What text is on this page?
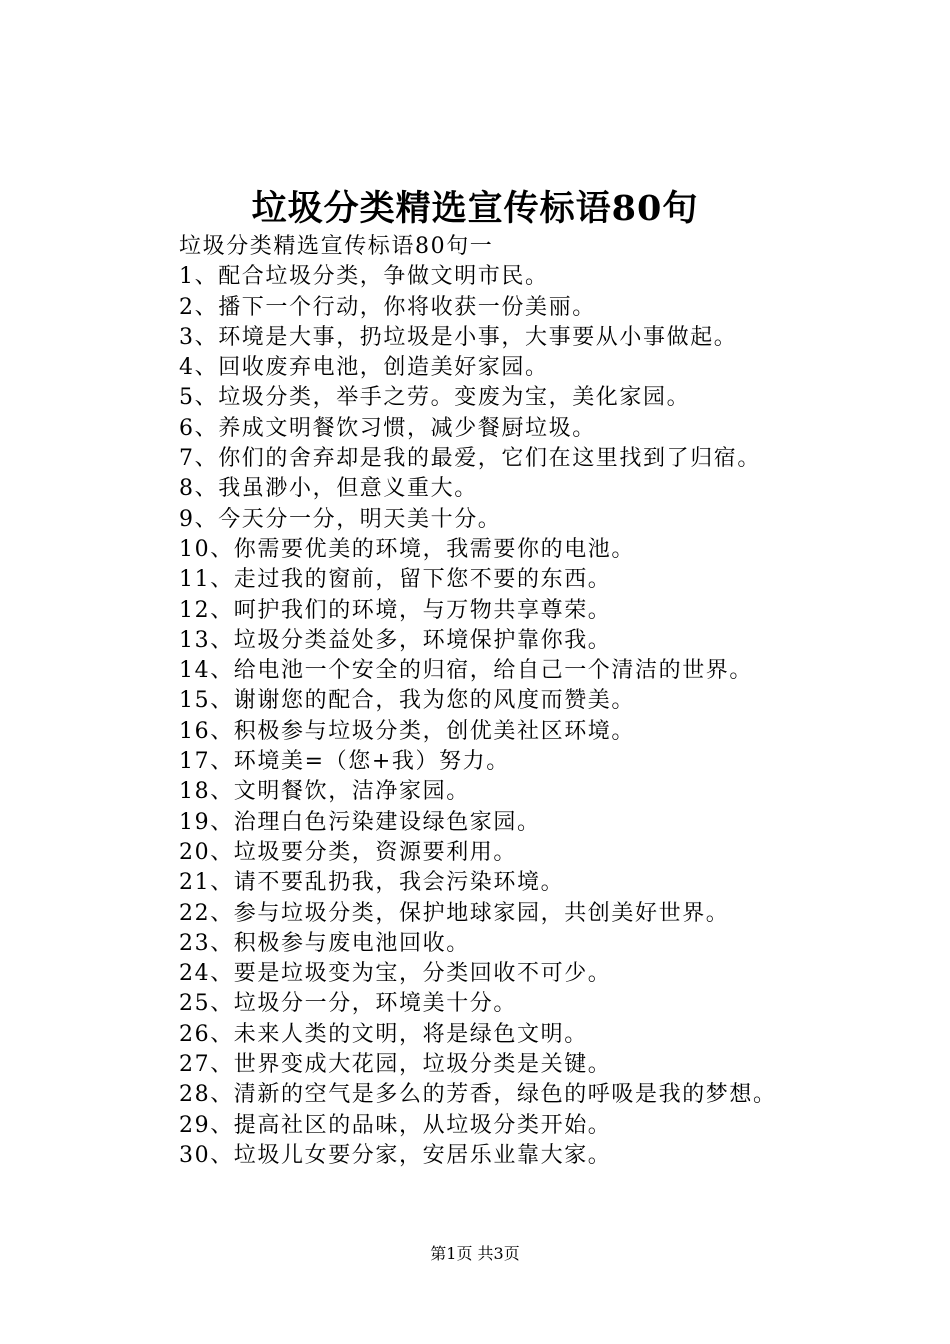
垃圾分类精选宣传标语80句
垃圾分类精选宣传标语80句一
1、配合垃圾分类，争做文明市民。
2、播下一个行动，你将收获一份美丽。
3、环境是大事，扔垃圾是小事，大事要从小事做起。
4、回收废弃电池，创造美好家园。
5、垃圾分类，举手之劳。变废为宝，美化家园。
6、养成文明餐饮习惯，减少餐厨垃圾。
7、你们的舍弃却是我的最爱，它们在这里找到了归宿。
8、我虽渺小，但意义重大。
9、今天分一分，明天美十分。
10、你需要优美的环境，我需要你的电池。
11、走过我的窗前，留下您不要的东西。
12、呵护我们的环境，与万物共享尊荣。
13、垃圾分类益处多，环境保护靠你我。
14、给电池一个安全的归宿，给自己一个清洁的世界。
15、谢谢您的配合，我为您的风度而赞美。
16、积极参与垃圾分类，创优美社区环境。
17、环境美=（您+我）努力。
18、文明餐饮，洁净家园。
19、治理白色污染建设绿色家园。
20、垃圾要分类，资源要利用。
21、请不要乱扔我，我会污染环境。
22、参与垃圾分类，保护地球家园，共创美好世界。
23、积极参与废电池回收。
24、要是垃圾变为宝，分类回收不可少。
25、垃圾分一分，环境美十分。
26、未来人类的文明，将是绿色文明。
27、世界变成大花园，垃圾分类是关键。
28、清新的空气是多么的芳香，绿色的呼吸是我的梦想。
29、提高社区的品味，从垃圾分类开始。
30、垃圾儿女要分家，安居乐业靠大家。
第1页 共3页
